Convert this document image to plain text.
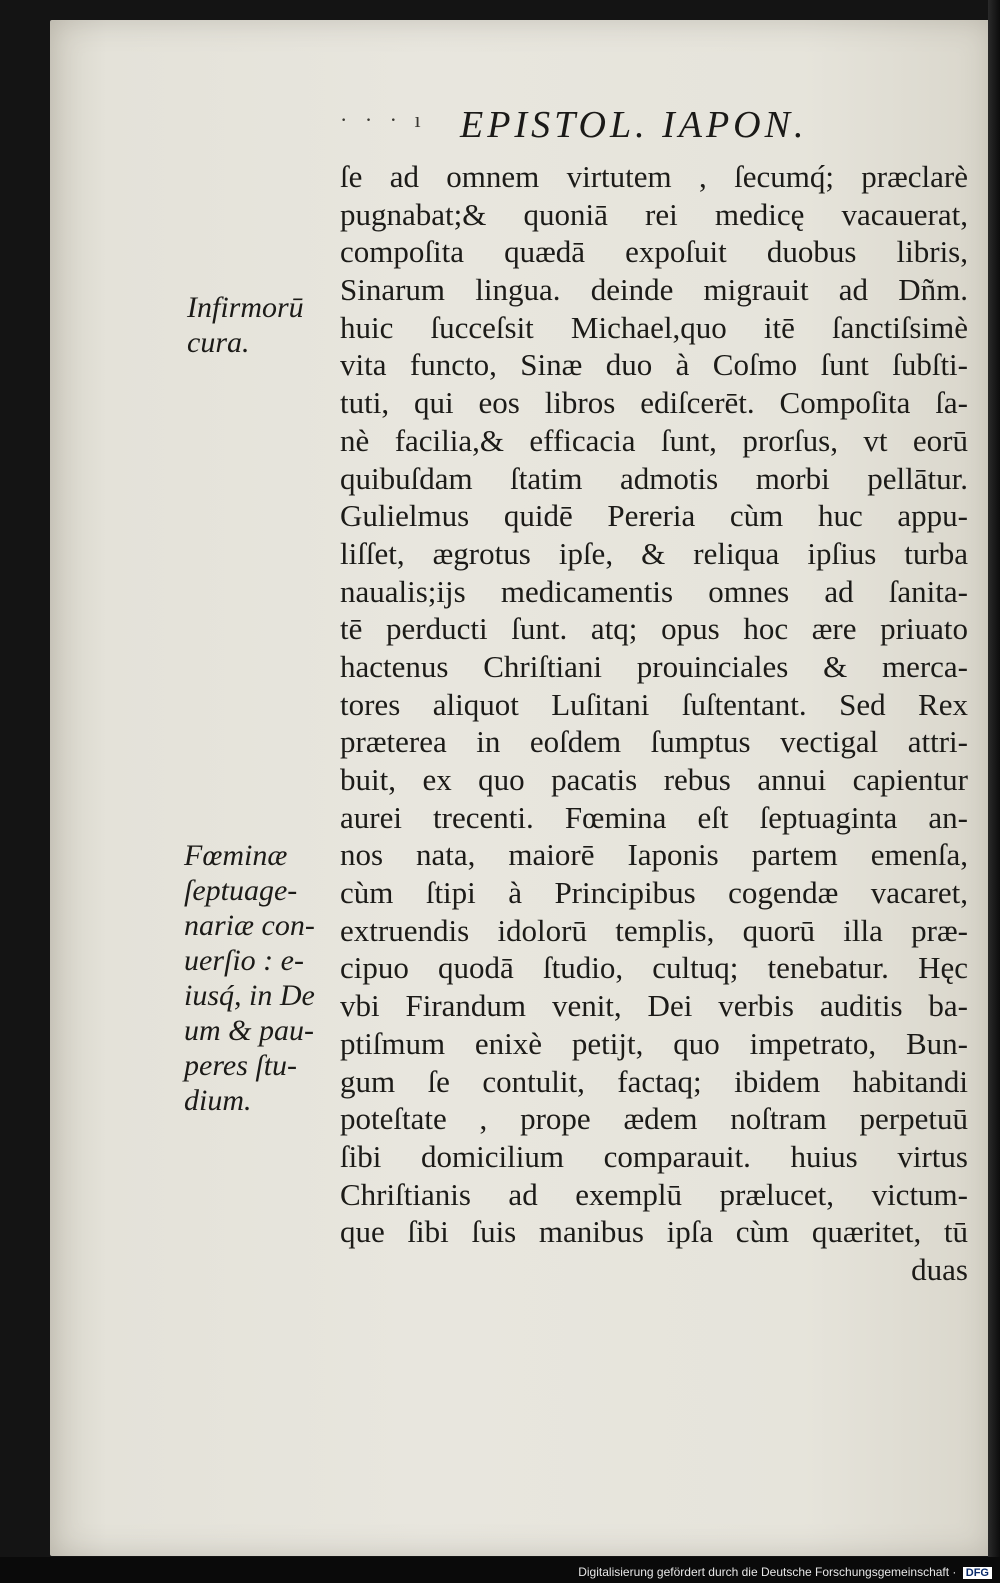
· · · ı EPISTOL. IAPON.
Infirmorū
cura.
Fœminæ
ſeptuage-
nariæ con-
uerſio : e-
iusq́, in De
um & pau-
peres ſtu-
dium.
ſe ad omnem virtutem , ſecumq́; præclarè
pugnabat;& quoniā rei medicę vacauerat,
compoſita quædā expoſuit duobus libris,
Sinarum lingua. deinde migrauit ad Dñm.
huic ſucceſsit Michael,quo itē ſanctiſsimè
vita functo, Sinæ duo à Coſmo ſunt ſubſti-
tuti, qui eos libros ediſcerēt. Compoſita ſa-
nè facilia,& efficacia ſunt, prorſus, vt eorū
quibuſdam ſtatim admotis morbi pellātur.
Gulielmus quidē Pereria cùm huc appu-
liſſet, ægrotus ipſe, & reliqua ipſius turba
naualis;ijs medicamentis omnes ad ſanita-
tē perducti ſunt. atq; opus hoc ære priuato
hactenus Chriſtiani prouinciales & merca-
tores aliquot Luſitani ſuſtentant. Sed Rex
præterea in eoſdem ſumptus vectigal attri-
buit, ex quo pacatis rebus annui capientur
aurei trecenti. Fœmina eſt ſeptuaginta an-
nos nata, maiorē Iaponis partem emenſa,
cùm ſtipi à Principibus cogendæ vacaret,
extruendis idolorū templis, quorū illa præ-
cipuo quodā ſtudio, cultuq; tenebatur. Hęc
vbi Firandum venit, Dei verbis auditis ba-
ptiſmum enixè petijt, quo impetrato, Bun-
gum ſe contulit, factaq; ibidem habitandi
poteſtate , prope ædem noſtram perpetuū
ſibi domicilium comparauit. huius virtus
Chriſtianis ad exemplū prælucet, victum-
que ſibi ſuis manibus ipſa cùm quæritet, tū
duas
Digitalisierung gefördert durch die Deutsche Forschungsgemeinschaft · DFG
